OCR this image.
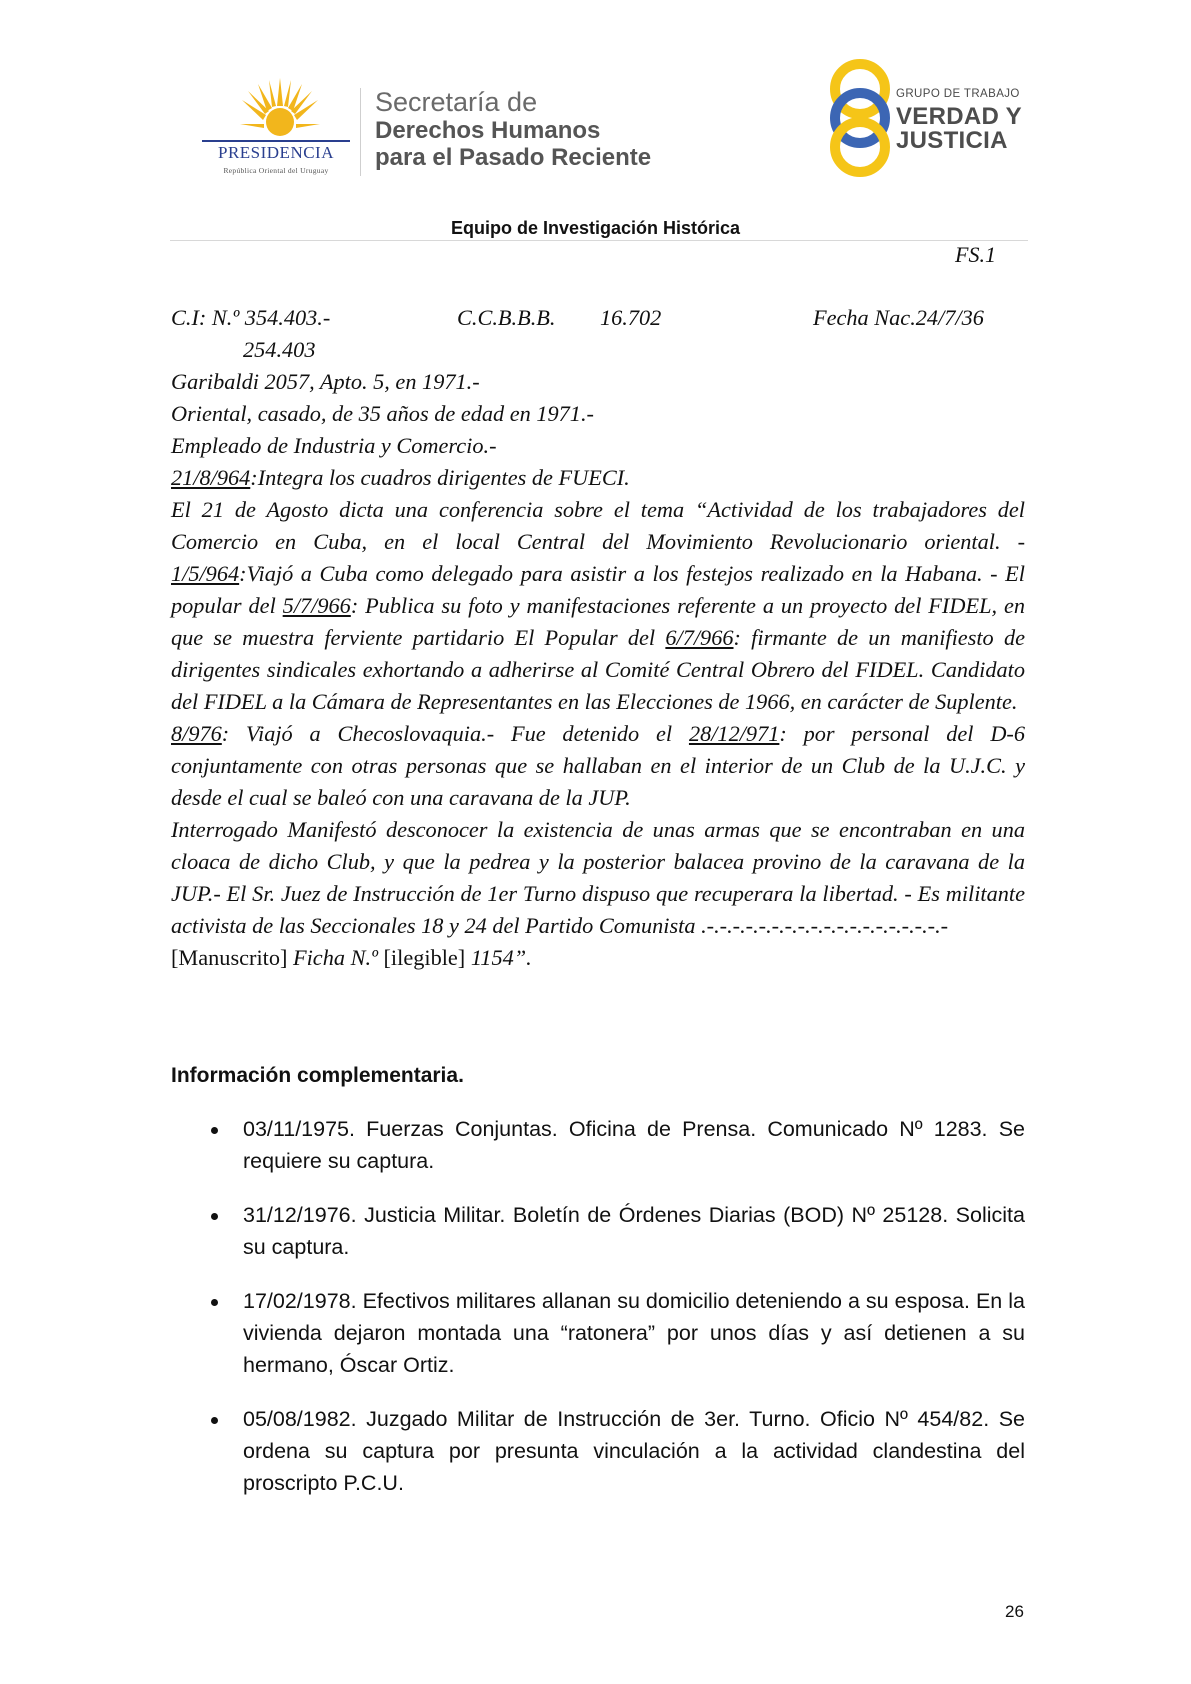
PRESIDENCIA
República Oriental del Uruguay
Secretaría de
Derechos Humanos
para el Pasado Reciente
GRUPO DE TRABAJO
VERDAD Y
JUSTICIA
Equipo de Investigación Histórica
FS.1
C.I: N.º 354.403.-	C.C.B.B.B. 16.702	Fecha Nac.24/7/36

254.403

Garibaldi 2057, Apto. 5, en 1971.-

Oriental, casado, de 35 años de edad en 1971.-

Empleado de Industria y Comercio.-

21/8/964:Integra los cuadros dirigentes de FUECI.

El 21 de Agosto dicta una conferencia sobre el tema “Actividad de los trabajadores del Comercio en Cuba, en el local Central del Movimiento Revolucionario oriental. - 1/5/964:Viajó a Cuba como delegado para asistir a los festejos realizado en la Habana. - El popular del 5/7/966: Publica su foto y manifestaciones referente a un proyecto del FIDEL, en que se muestra ferviente partidario El Popular del 6/7/966: firmante de un manifiesto de dirigentes sindicales exhortando a adherirse al Comité Central Obrero del FIDEL. Candidato del FIDEL a la Cámara de Representantes en las Elecciones de 1966, en carácter de Suplente.

8/976: Viajó a Checoslovaquia.- Fue detenido el 28/12/971: por personal del D-6 conjuntamente con otras personas que se hallaban en el interior de un Club de la U.J.C. y desde el cual se baleó con una caravana de la JUP.

Interrogado Manifestó desconocer la existencia de unas armas que se encontraban en una cloaca de dicho Club, y que la pedrea y la posterior balacea provino de la caravana de la JUP.- El Sr. Juez de Instrucción de 1er Turno dispuso que recuperara la libertad. - Es militante activista de las Seccionales 18 y 24 del Partido Comunista .-.-.-.-.-.-.-.-.-.-.-.-.-.-.-.-.-.-.-

[Manuscrito] Ficha N.º [ilegible] 1154”.

Información complementaria.
03/11/1975. Fuerzas Conjuntas. Oficina de Prensa. Comunicado Nº 1283. Se requiere su captura.
31/12/1976. Justicia Militar. Boletín de Órdenes Diarias (BOD) Nº 25128. Solicita su captura.
17/02/1978. Efectivos militares allanan su domicilio deteniendo a su esposa. En la vivienda dejaron montada una “ratonera” por unos días y así detienen a su hermano, Óscar Ortiz.
05/08/1982. Juzgado Militar de Instrucción de 3er. Turno. Oficio Nº 454/82. Se ordena su captura por presunta vinculación a la actividad clandestina del proscripto P.C.U.
26
